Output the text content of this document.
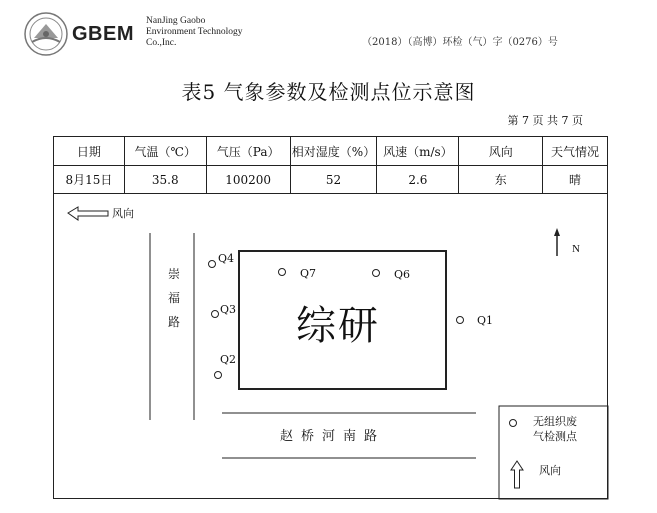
GBEM
NanJing Gaobo
Environment Technology
Co.,Inc.	（2018）（高博）环检（气）字（0276）号
表5 气象参数及检测点位示意图
第 7 页 共 7 页
日期	气温（℃）	气压（Pa）	相对湿度（%）	风速（m/s）	风向	天气情况
8月15日	35.8	100200	52	2.6	东	晴
风向
N
崇
福
路
赵桥河南路
综研	Q1
Q2
Q3
Q4
Q6
Q7
无组织废
气检测点
风向
